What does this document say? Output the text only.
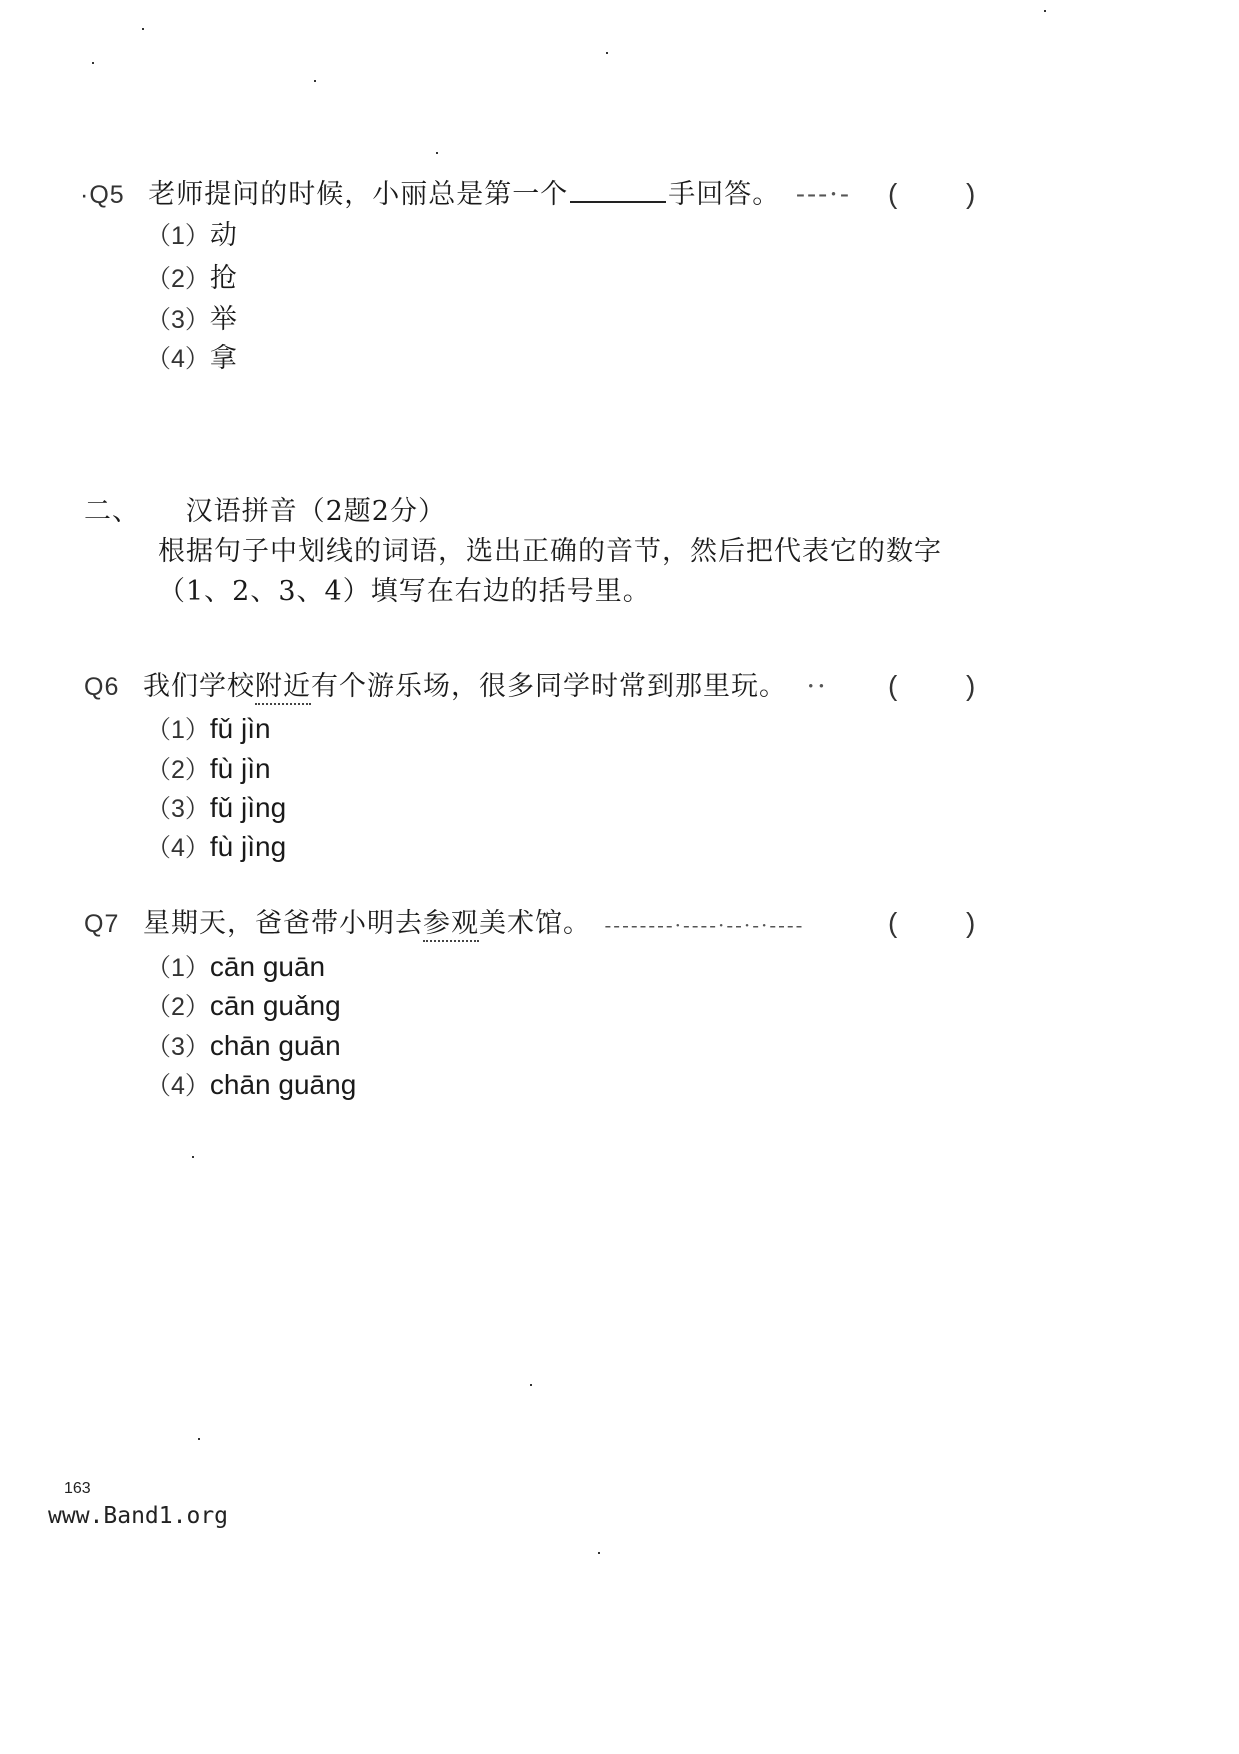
·Q5 老师提问的时候，小丽总是第一个	手回答。 ---·- ( )
（1）动
（2）抢
（3）举
（4）拿
二、 汉语拼音（2题2分）
根据句子中划线的词语，选出正确的音节，然后把代表它的数字
（1、2、3、4）填写在右边的括号里。
Q6 我们学校附近有个游乐场，很多同学时常到那里玩。 ·· ( )
（1）fǔ jìn
（2）fù jìn
（3）fǔ jìng
（4）fù jìng
Q7 星期天，爸爸带小明去参观美术馆。 --------·----·--·-·----	( )
（1）cān guān
（2）cān guǎng
（3）chān guān
（4）chān guāng
163
www.Band1.org
